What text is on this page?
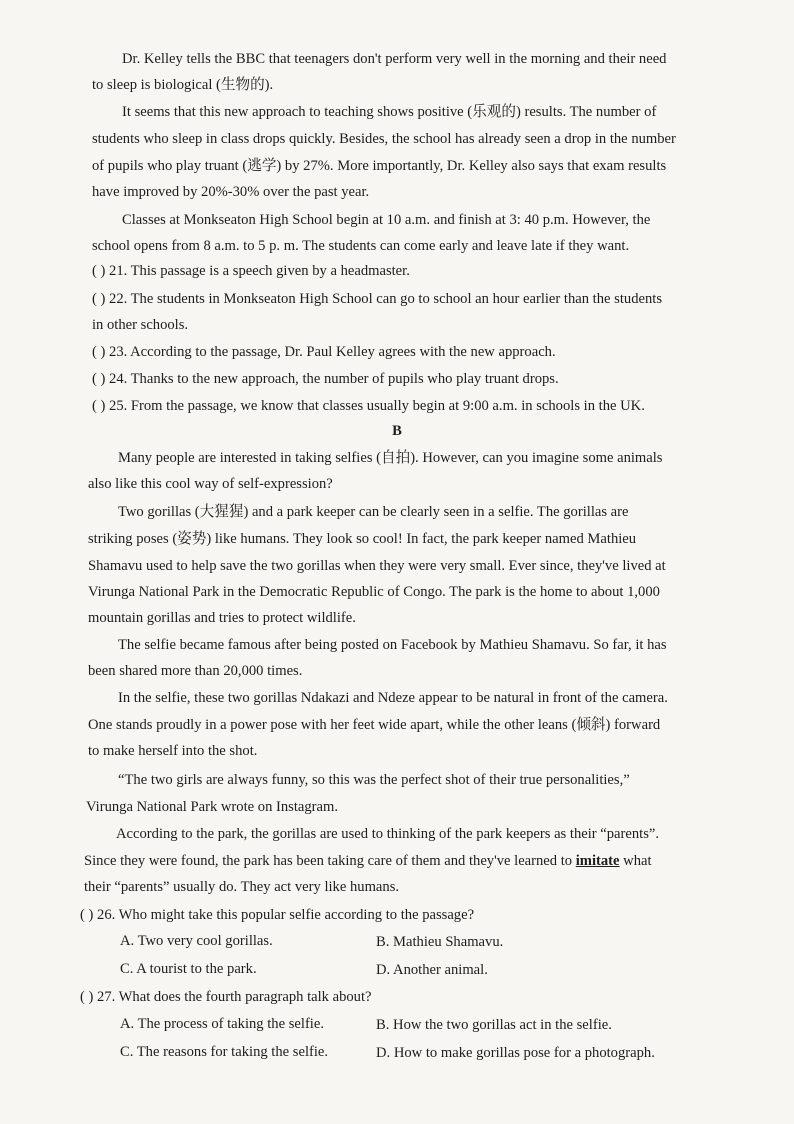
Dr. Kelley tells the BBC that teenagers don't perform very well in the morning and their need
to sleep is biological (生物的).
It seems that this new approach to teaching shows positive (乐观的) results. The number of
students who sleep in class drops quickly. Besides, the school has already seen a drop in the number
of pupils who play truant (逃学) by 27%. More importantly, Dr. Kelley also says that exam results
have improved by 20%-30% over the past year.
Classes at Monkseaton High School begin at 10 a.m. and finish at 3: 40 p.m. However, the
school opens from 8 a.m. to 5 p. m. The students can come early and leave late if they want.
( ) 21. This passage is a speech given by a headmaster.
( ) 22. The students in Monkseaton High School can go to school an hour earlier than the students
in other schools.
( ) 23. According to the passage, Dr. Paul Kelley agrees with the new approach.
( ) 24. Thanks to the new approach, the number of pupils who play truant drops.
( ) 25. From the passage, we know that classes usually begin at 9:00 a.m. in schools in the UK.
B
Many people are interested in taking selfies (自拍). However, can you imagine some animals
also like this cool way of self-expression?
Two gorillas (大猩猩) and a park keeper can be clearly seen in a selfie. The gorillas are
striking poses (姿势) like humans. They look so cool! In fact, the park keeper named Mathieu
Shamavu used to help save the two gorillas when they were very small. Ever since, they've lived at
Virunga National Park in the Democratic Republic of Congo. The park is the home to about 1,000
mountain gorillas and tries to protect wildlife.
The selfie became famous after being posted on Facebook by Mathieu Shamavu. So far, it has
been shared more than 20,000 times.
In the selfie, these two gorillas Ndakazi and Ndeze appear to be natural in front of the camera.
One stands proudly in a power pose with her feet wide apart, while the other leans (倾斜) forward
to make herself into the shot.
“The two girls are always funny, so this was the perfect shot of their true personalities,”
Virunga National Park wrote on Instagram.
According to the park, the gorillas are used to thinking of the park keepers as their “parents”.
Since they were found, the park has been taking care of them and they've learned to imitate what
their “parents” usually do. They act very like humans.
( ) 26. Who might take this popular selfie according to the passage?
A. Two very cool gorillas.	B. Mathieu Shamavu.
C. A tourist to the park.	D. Another animal.
( ) 27. What does the fourth paragraph talk about?
A. The process of taking the selfie.	B. How the two gorillas act in the selfie.
C. The reasons for taking the selfie.	D. How to make gorillas pose for a photograph.
